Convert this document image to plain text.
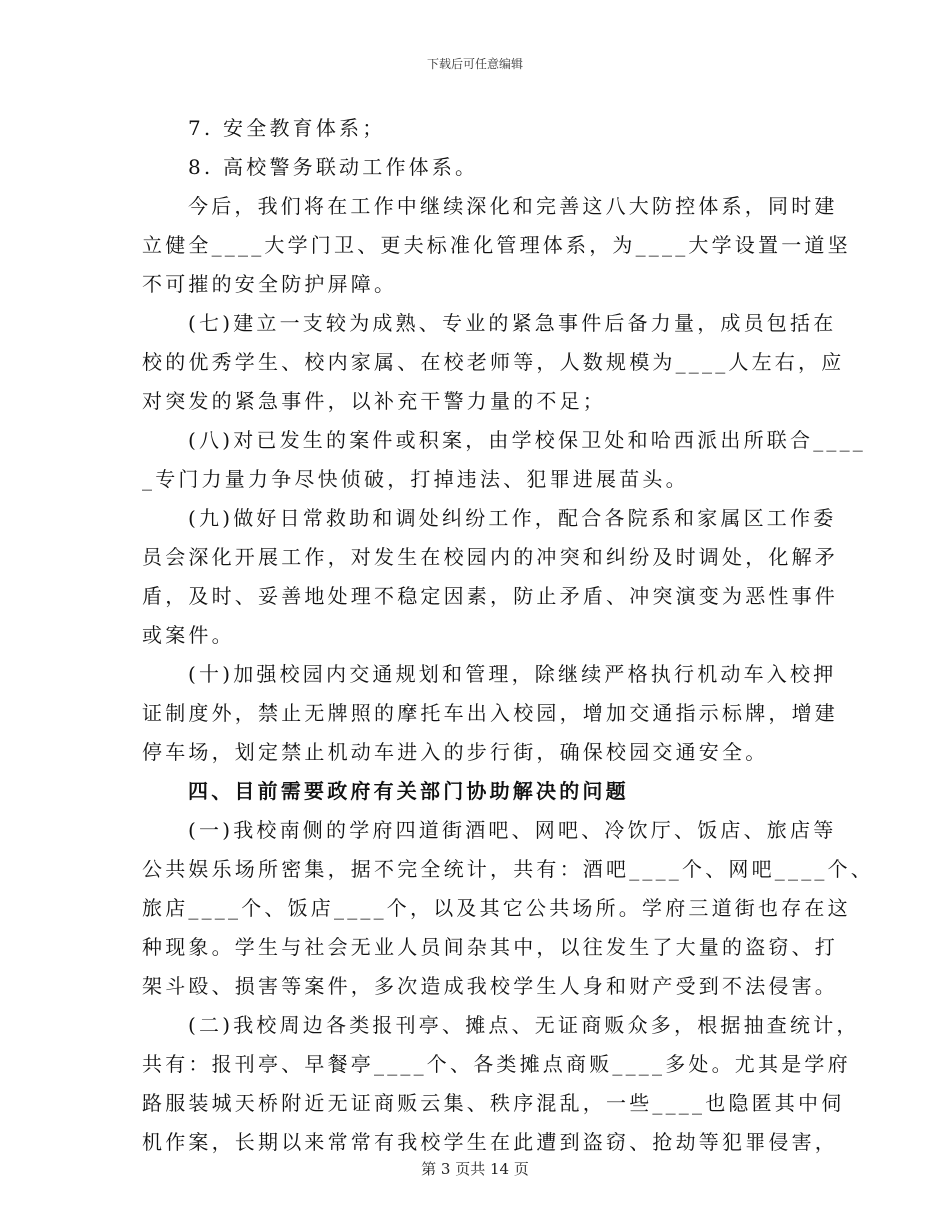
下载后可任意编辑
7. 安全教育体系；
8. 高校警务联动工作体系。
今后，我们将在工作中继续深化和完善这八大防控体系，同时建
立健全____大学门卫、更夫标准化管理体系，为____大学设置一道坚
不可摧的安全防护屏障。
(七)建立一支较为成熟、专业的紧急事件后备力量，成员包括在
校的优秀学生、校内家属、在校老师等，人数规模为____人左右，应
对突发的紧急事件，以补充干警力量的不足；
(八)对已发生的案件或积案，由学校保卫处和哈西派出所联合____
_专门力量力争尽快侦破，打掉违法、犯罪进展苗头。
(九)做好日常救助和调处纠纷工作，配合各院系和家属区工作委
员会深化开展工作，对发生在校园内的冲突和纠纷及时调处，化解矛
盾，及时、妥善地处理不稳定因素，防止矛盾、冲突演变为恶性事件
或案件。
(十)加强校园内交通规划和管理，除继续严格执行机动车入校押
证制度外，禁止无牌照的摩托车出入校园，增加交通指示标牌，增建
停车场，划定禁止机动车进入的步行街，确保校园交通安全。
四、目前需要政府有关部门协助解决的问题
(一)我校南侧的学府四道街酒吧、网吧、冷饮厅、饭店、旅店等
公共娱乐场所密集，据不完全统计，共有：酒吧____个、网吧____个、
旅店____个、饭店____个，以及其它公共场所。学府三道街也存在这
种现象。学生与社会无业人员间杂其中，以往发生了大量的盗窃、打
架斗殴、损害等案件，多次造成我校学生人身和财产受到不法侵害。
(二)我校周边各类报刊亭、摊点、无证商贩众多，根据抽查统计，
共有：报刊亭、早餐亭____个、各类摊点商贩____多处。尤其是学府
路服装城天桥附近无证商贩云集、秩序混乱，一些____也隐匿其中伺
机作案，长期以来常常有我校学生在此遭到盗窃、抢劫等犯罪侵害，
第 3 页共 14 页
